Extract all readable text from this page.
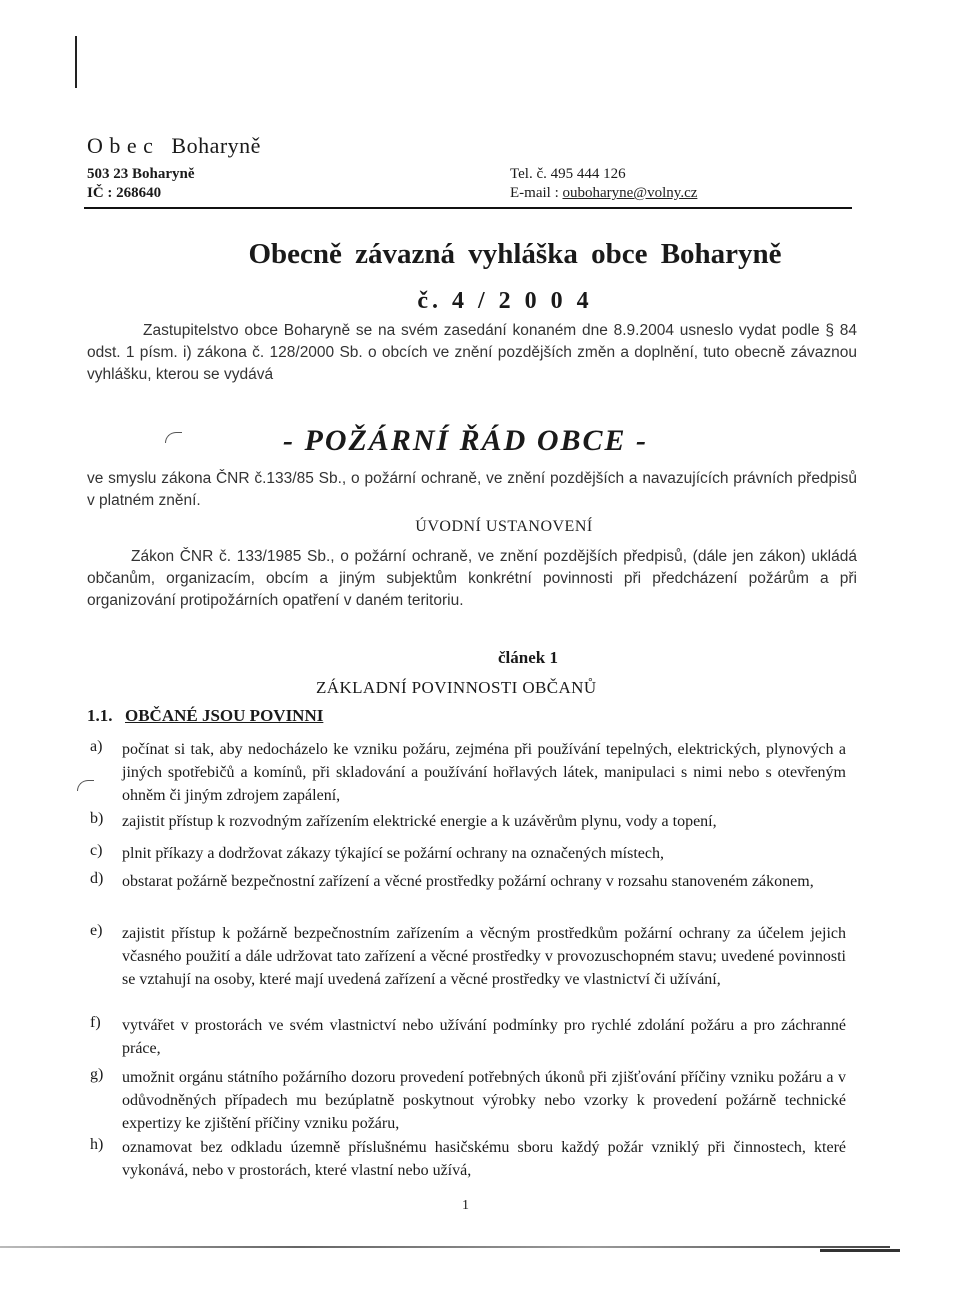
O b e c   Boharyně
503 23 Boharyně
IČ : 268640
Tel. č. 495 444 126
E-mail : ouboharyne@volny.cz
Obecně závazná vyhláška obce Boharyně
č. 4 / 2 0 0 4
Zastupitelstvo obce Boharyně se na svém zasedání konaném dne 8.9.2004 usneslo vydat podle § 84 odst. 1 písm. i) zákona č. 128/2000 Sb. o obcích ve znění pozdějších změn a doplnění, tuto obecně závaznou vyhlášku, kterou se vydává
- POŽÁRNÍ ŘÁD OBCE -
ve smyslu zákona ČNR č.133/85 Sb., o požární ochraně, ve znění pozdějších a navazujících právních předpisů v platném znění.
ÚVODNÍ USTANOVENÍ
Zákon ČNR č. 133/1985 Sb., o požární ochraně, ve znění pozdějších předpisů, (dále jen zákon) ukládá občanům, organizacím, obcím a jiným subjektům konkrétní povinnosti při předcházení požárům a při organizování protipožárních opatření v daném teritoriu.
článek 1
ZÁKLADNÍ POVINNOSTI OBČANŮ
1.1. OBČANÉ JSOU POVINNI
a) počínat si tak, aby nedocházelo ke vzniku požáru, zejména při používání tepelných, elektrických, plynových a jiných spotřebičů a komínů, při skladování a používání hořlavých látek, manipulaci s nimi nebo s otevřeným ohněm či jiným zdrojem zapálení,
b) zajistit přístup k rozvodným zařízením elektrické energie a k uzávěrům plynu, vody a topení,
c) plnit příkazy a dodržovat zákazy týkající se požární ochrany na označených místech,
d) obstarat požárně bezpečnostní zařízení a věcné prostředky požární ochrany v rozsahu stanoveném zákonem,
e) zajistit přístup k požárně bezpečnostním zařízením a věcným prostředkům požární ochrany za účelem jejich včasného použití a dále udržovat tato zařízení a věcné prostředky v provozuschopném stavu; uvedené povinnosti se vztahují na osoby, které mají uvedená zařízení a věcné prostředky ve vlastnictví či užívání,
f) vytvářet v prostorách ve svém vlastnictví nebo užívání podmínky pro rychlé zdolání požáru a pro záchranné práce,
g) umožnit orgánu státního požárního dozoru provedení potřebných úkonů při zjišťování příčiny vzniku požáru a v odůvodněných případech mu bezúplatně poskytnout výrobky nebo vzorky k provedení požárně technické expertizy ke zjištění příčiny vzniku požáru,
h) oznamovat bez odkladu územně příslušnému hasičskému sboru každý požár vzniklý při činnostech, které vykonává, nebo v prostorách, které vlastní nebo užívá,
1
